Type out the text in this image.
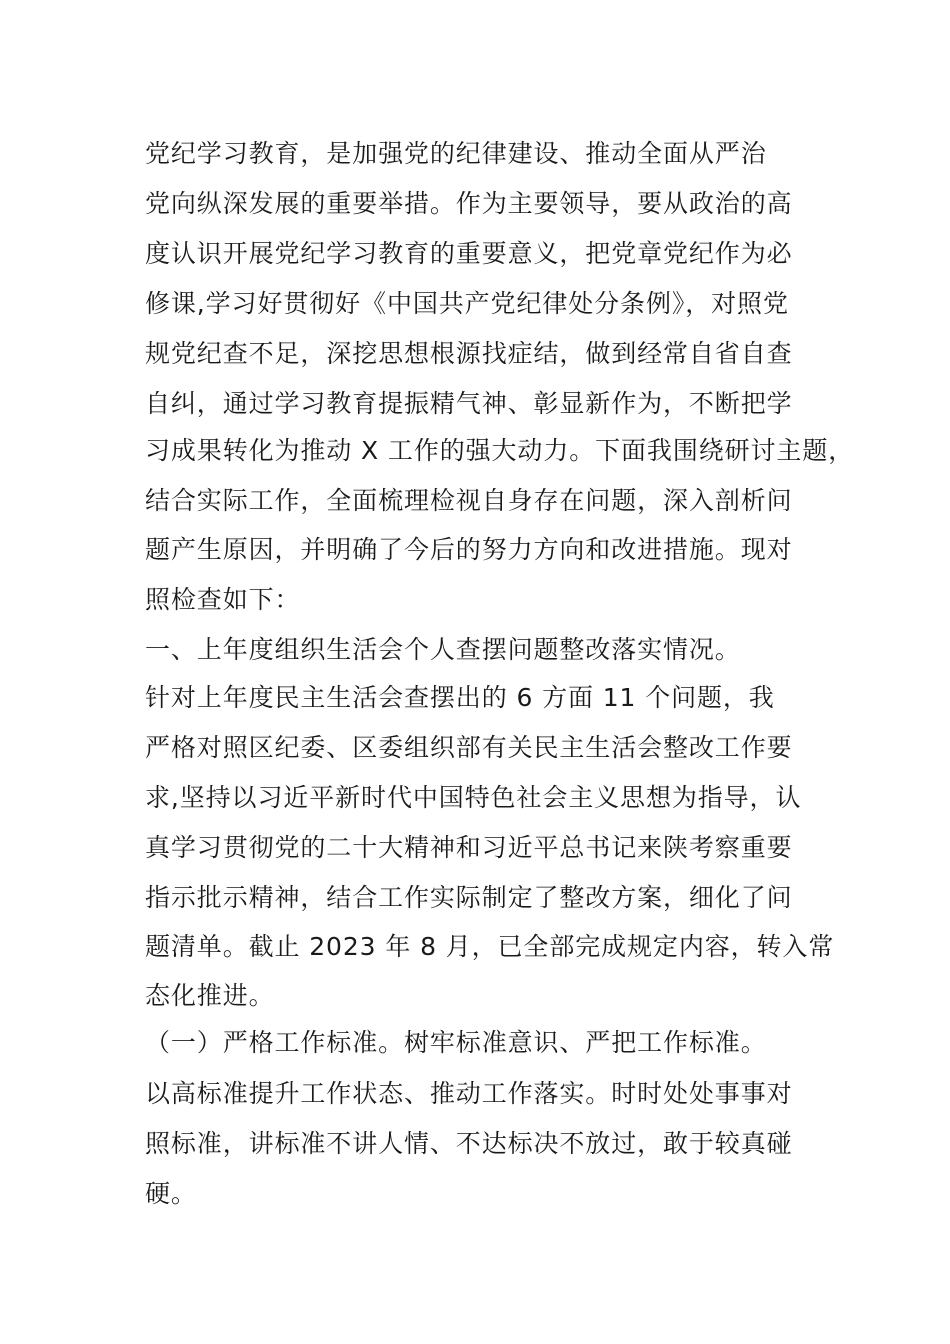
党纪学习教育，是加强党的纪律建设、推动全面从严治
党向纵深发展的重要举措。作为主要领导，要从政治的高
度认识开展党纪学习教育的重要意义，把党章党纪作为必
修课,学习好贯彻好《中国共产党纪律处分条例》，对照党
规党纪查不足，深挖思想根源找症结，做到经常自省自查
自纠，通过学习教育提振精气神、彰显新作为，不断把学
习成果转化为推动 X 工作的强大动力。下面我围绕研讨主题，
结合实际工作，全面梳理检视自身存在问题，深入剖析问
题产生原因，并明确了今后的努力方向和改进措施。现对
照检查如下：
一、上年度组织生活会个人查摆问题整改落实情况。
针对上年度民主生活会查摆出的 6 方面 11 个问题，我
严格对照区纪委、区委组织部有关民主生活会整改工作要
求,坚持以习近平新时代中国特色社会主义思想为指导，认
真学习贯彻党的二十大精神和习近平总书记来陕考察重要
指示批示精神，结合工作实际制定了整改方案，细化了问
题清单。截止 2023 年 8 月，已全部完成规定内容，转入常
态化推进。
（一）严格工作标准。树牢标准意识、严把工作标准。
以高标准提升工作状态、推动工作落实。时时处处事事对
照标准，讲标准不讲人情、不达标决不放过，敢于较真碰
硬。
